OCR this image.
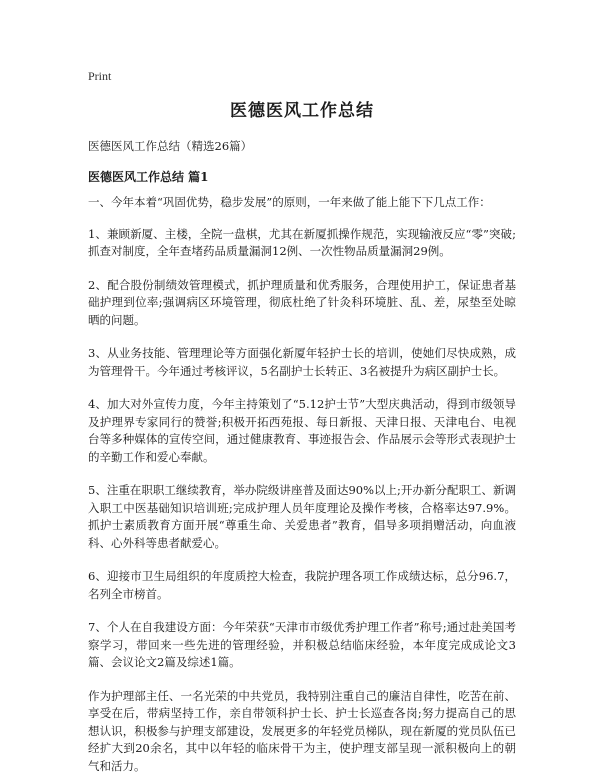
Print
医德医风工作总结
医德医风工作总结（精选26篇）
医德医风工作总结 篇1

一、今年本着“巩固优势，稳步发展”的原则，一年来做了能上能下下几点工作：

1、兼顾新厦、主楼，全院一盘棋，尤其在新厦抓操作规范，实现输液反应“零”突破;抓查对制度，全年查堵药品质量漏洞12例、一次性物品质量漏洞29例。

2、配合股份制绩效管理模式，抓护理质量和优秀服务，合理使用护工，保证患者基础护理到位率;强调病区环境管理，彻底杜绝了针灸科环境脏、乱、差，尿垫至处晾晒的问题。

3、从业务技能、管理理论等方面强化新厦年轻护士长的培训，使她们尽快成熟，成为管理骨干。今年通过考核评议，5名副护士长转正、3名被提升为病区副护士长。

4、加大对外宣传力度，今年主持策划了“5.12护士节”大型庆典活动，得到市级领导及护理界专家同行的赞誉;积极开拓西苑报、每日新报、天津日报、天津电台、电视台等多种媒体的宣传空间，通过健康教育、事迹报告会、作品展示会等形式表现护士的辛勤工作和爱心奉献。

5、注重在职职工继续教育，举办院级讲座普及面达90%以上;开办新分配职工、新调入职工中医基础知识培训班;完成护理人员年度理论及操作考核，合格率达97.9%。抓护士素质教育方面开展“尊重生命、关爱患者”教育，倡导多项捐赠活动，向血液科、心外科等患者献爱心。

6、迎接市卫生局组织的年度质控大检查，我院护理各项工作成绩达标，总分96.7，名列全市榜首。

7、个人在自我建设方面：今年荣获“天津市市级优秀护理工作者”称号;通过赴美国考察学习，带回来一些先进的管理经验，并积极总结临床经验，本年度完成成论文3篇、会议论文2篇及综述1篇。

作为护理部主任、一名光荣的中共党员，我特别注重自己的廉洁自律性，吃苦在前、享受在后，带病坚持工作，亲自带领科护士长、护士长巡查各岗;努力提高自己的思想认识，积极参与护理支部建设，发展更多的年轻党员梯队，现在新厦的党员队伍已经扩大到20余名，其中以年轻的临床骨干为主，使护理支部呈现一派积极向上的朝气和活力。
